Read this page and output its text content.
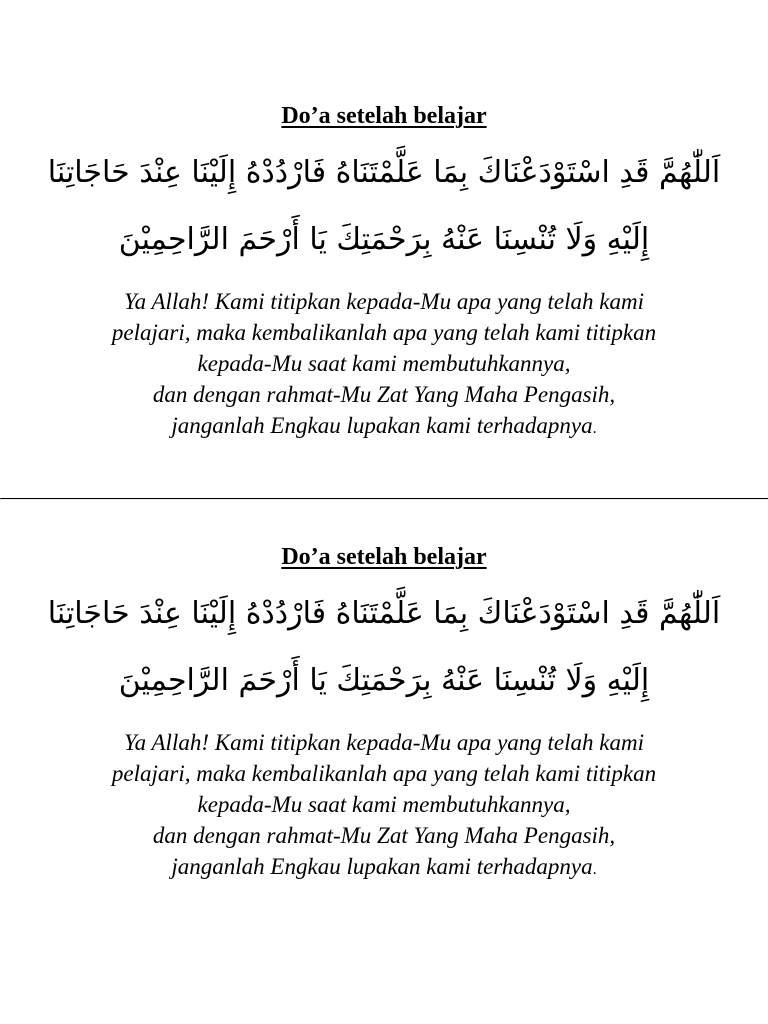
Do’a setelah belajar
اَللّٰهُمَّ قَدِ اسْتَوْدَعْنَاكَ بِمَا عَلَّمْتَنَاهُ فَارْدُدْهُ إِلَيْنَا عِنْدَ حَاجَاتِنَا
إِلَيْهِ وَلَا تُنْسِنَا عَنْهُ بِرَحْمَتِكَ يَا أَرْحَمَ الرَّاحِمِيْنَ
Ya Allah! Kami titipkan kepada-Mu apa yang telah kami
pelajari, maka kembalikanlah apa yang telah kami titipkan
kepada-Mu saat kami membutuhkannya,
dan dengan rahmat-Mu Zat Yang Maha Pengasih,
janganlah Engkau lupakan kami terhadapnya.
Do’a setelah belajar
اَللّٰهُمَّ قَدِ اسْتَوْدَعْنَاكَ بِمَا عَلَّمْتَنَاهُ فَارْدُدْهُ إِلَيْنَا عِنْدَ حَاجَاتِنَا
إِلَيْهِ وَلَا تُنْسِنَا عَنْهُ بِرَحْمَتِكَ يَا أَرْحَمَ الرَّاحِمِيْنَ
Ya Allah! Kami titipkan kepada-Mu apa yang telah kami
pelajari, maka kembalikanlah apa yang telah kami titipkan
kepada-Mu saat kami membutuhkannya,
dan dengan rahmat-Mu Zat Yang Maha Pengasih,
janganlah Engkau lupakan kami terhadapnya.
